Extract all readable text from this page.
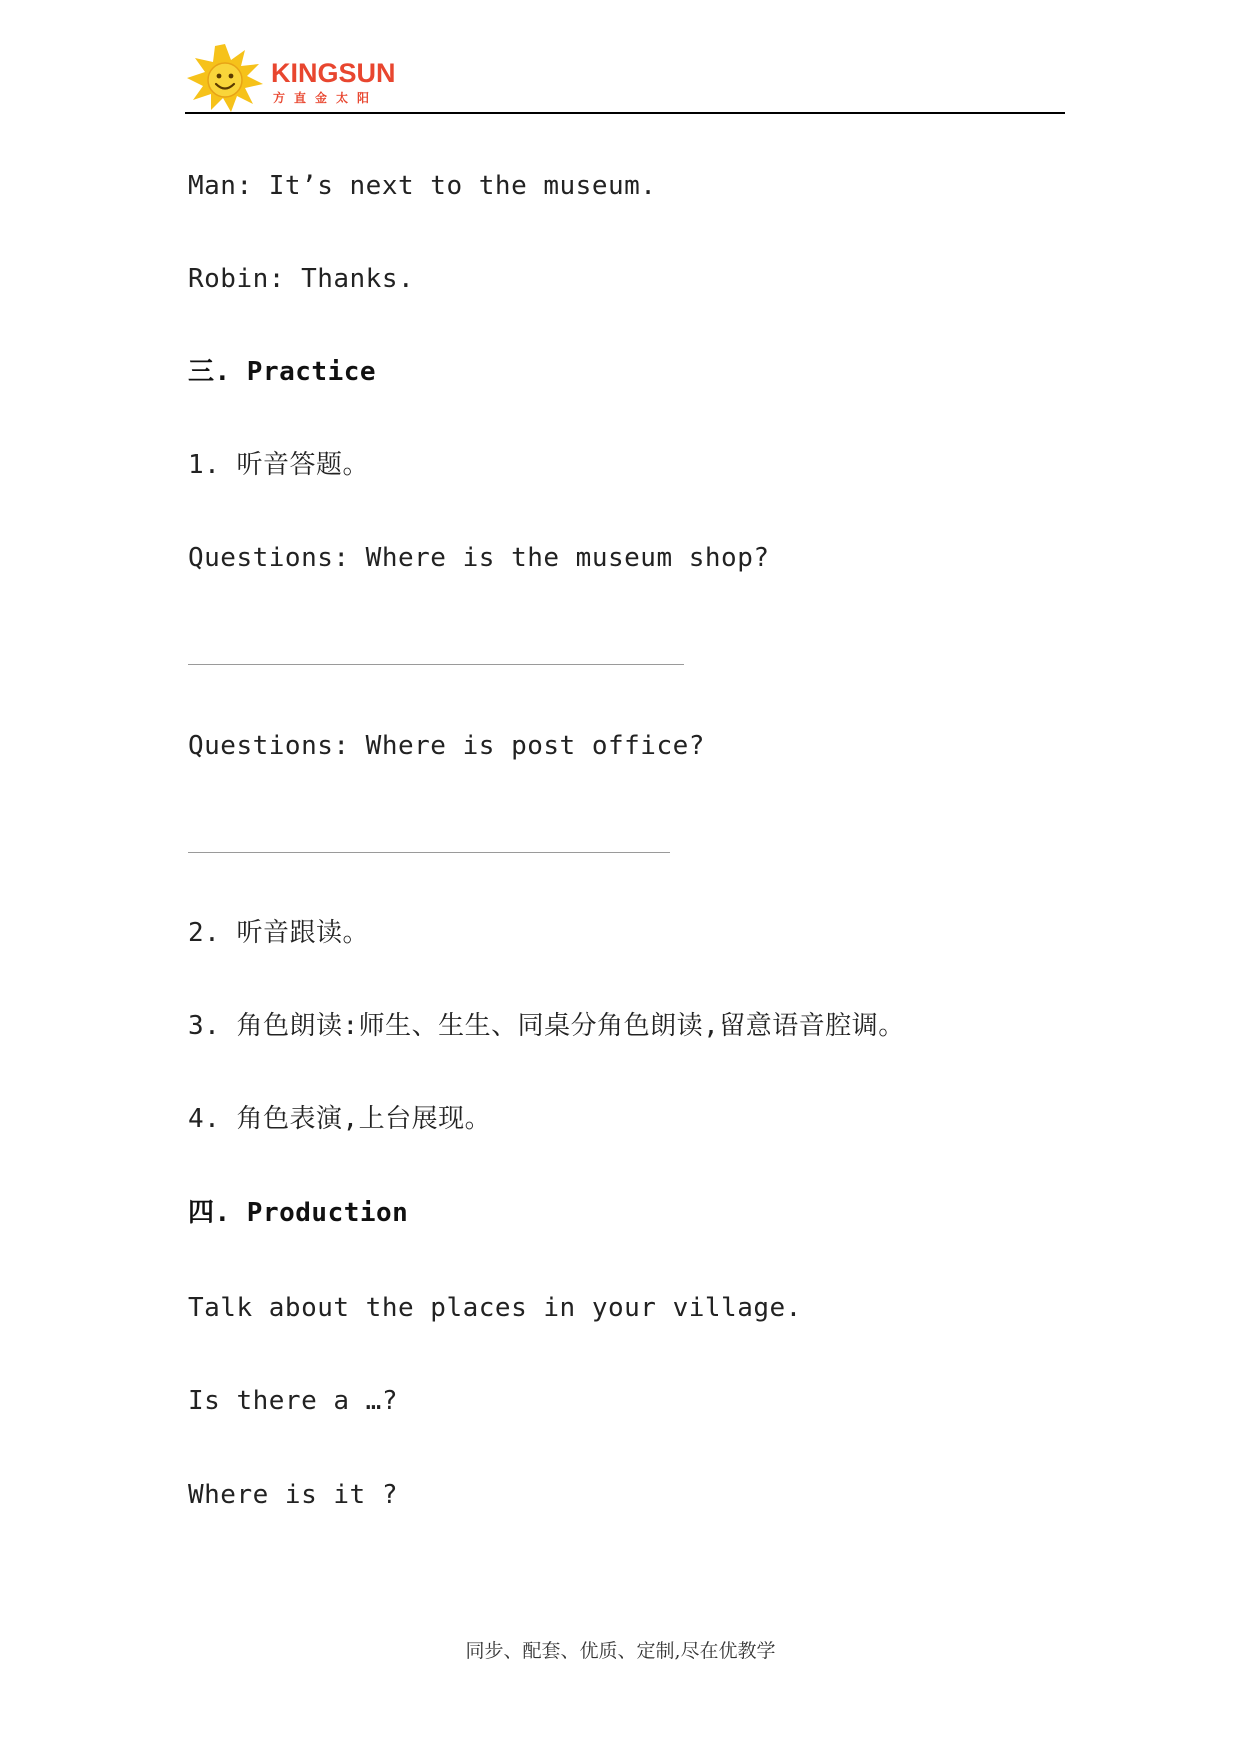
KINGSUN
方直金太阳
Man: It’s next to the museum.
Robin: Thanks.
三. Practice
1. 听音答题。
Questions: Where is the museum shop?
Questions: Where is post office?
2. 听音跟读。
3. 角色朗读:师生、生生、同桌分角色朗读,留意语音腔调。
4. 角色表演,上台展现。
四. Production
Talk about the places in your village.
Is there a …?
Where is it ?
同步、配套、优质、定制,尽在优教学
